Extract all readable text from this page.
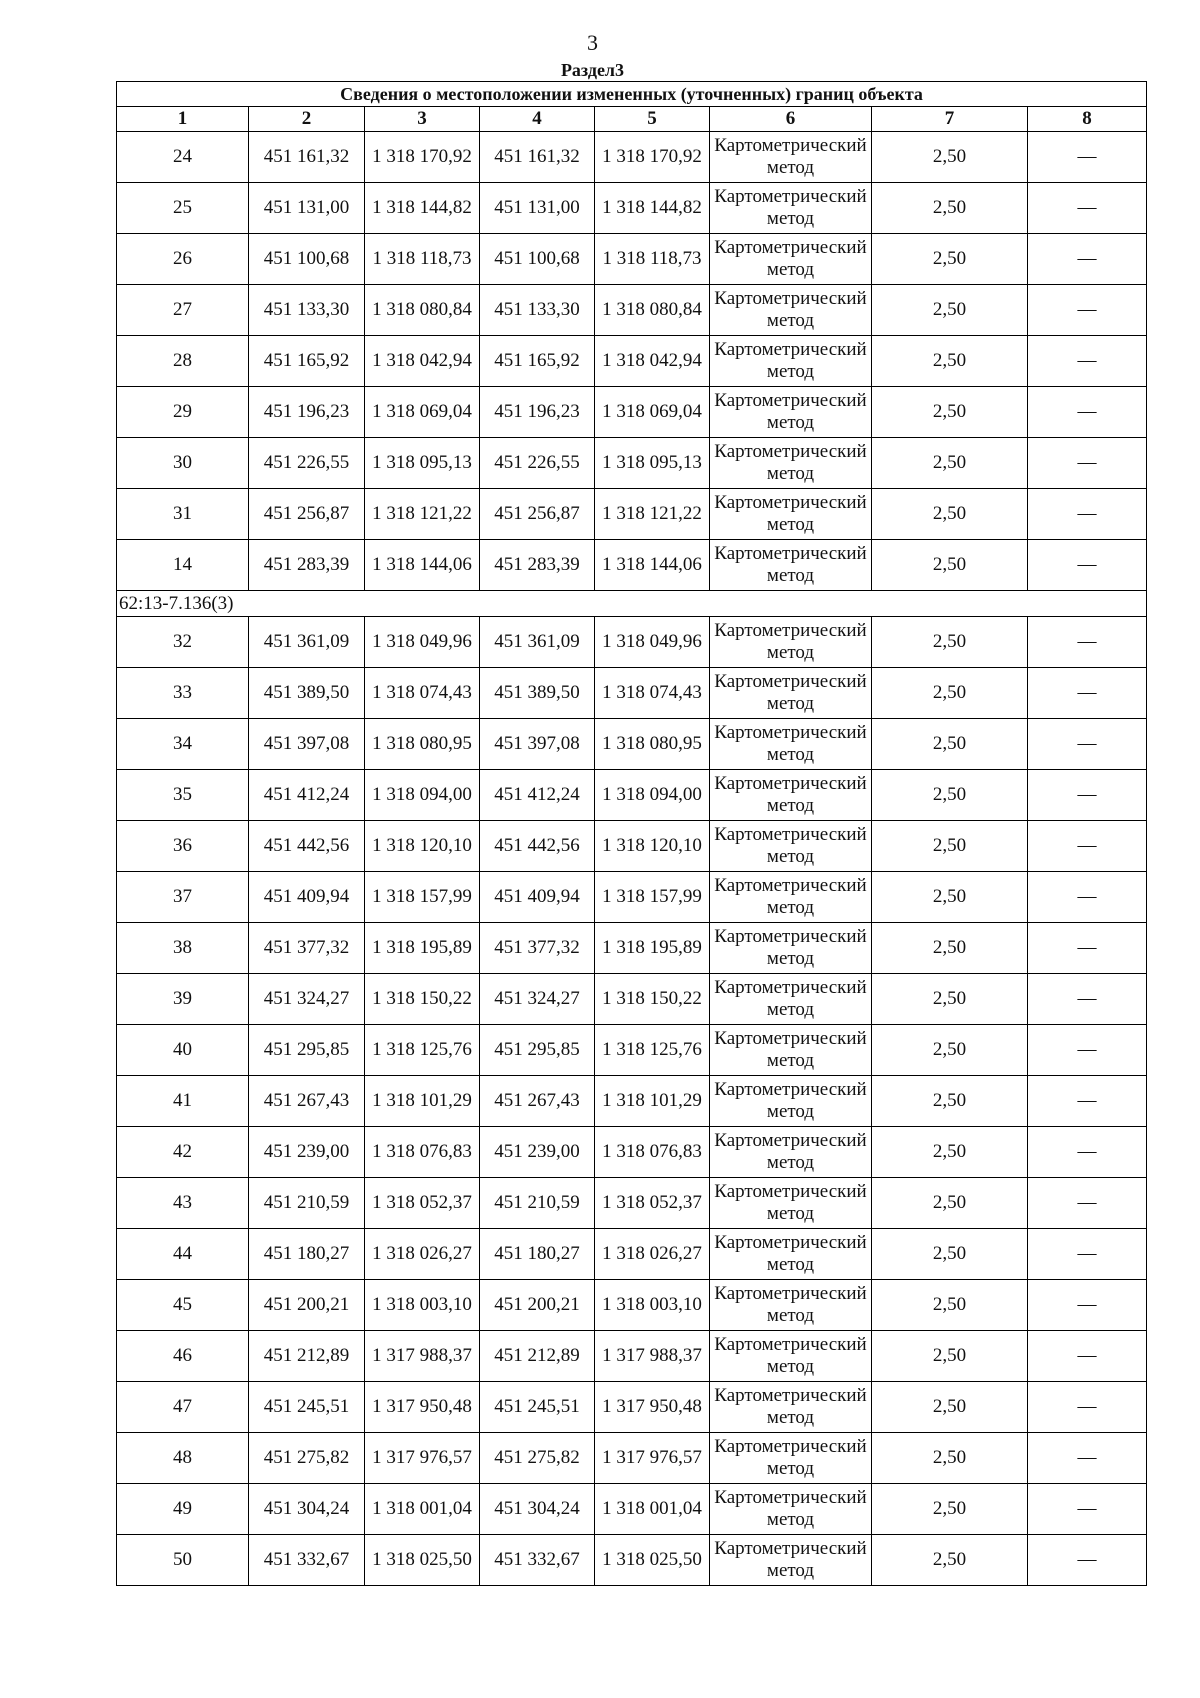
3
Раздел3
Сведения о местоположении измененных (уточненных) границ объекта							
1	2	3	4	5	6	7	8
24	451 161,32	1 318 170,92	451 161,32	1 318 170,92	Картометрический метод	2,50	—
25	451 131,00	1 318 144,82	451 131,00	1 318 144,82	Картометрический метод	2,50	—
26	451 100,68	1 318 118,73	451 100,68	1 318 118,73	Картометрический метод	2,50	—
27	451 133,30	1 318 080,84	451 133,30	1 318 080,84	Картометрический метод	2,50	—
28	451 165,92	1 318 042,94	451 165,92	1 318 042,94	Картометрический метод	2,50	—
29	451 196,23	1 318 069,04	451 196,23	1 318 069,04	Картометрический метод	2,50	—
30	451 226,55	1 318 095,13	451 226,55	1 318 095,13	Картометрический метод	2,50	—
31	451 256,87	1 318 121,22	451 256,87	1 318 121,22	Картометрический метод	2,50	—
14	451 283,39	1 318 144,06	451 283,39	1 318 144,06	Картометрический метод	2,50	—
62:13-7.136(3)							
32	451 361,09	1 318 049,96	451 361,09	1 318 049,96	Картометрический метод	2,50	—
33	451 389,50	1 318 074,43	451 389,50	1 318 074,43	Картометрический метод	2,50	—
34	451 397,08	1 318 080,95	451 397,08	1 318 080,95	Картометрический метод	2,50	—
35	451 412,24	1 318 094,00	451 412,24	1 318 094,00	Картометрический метод	2,50	—
36	451 442,56	1 318 120,10	451 442,56	1 318 120,10	Картометрический метод	2,50	—
37	451 409,94	1 318 157,99	451 409,94	1 318 157,99	Картометрический метод	2,50	—
38	451 377,32	1 318 195,89	451 377,32	1 318 195,89	Картометрический метод	2,50	—
39	451 324,27	1 318 150,22	451 324,27	1 318 150,22	Картометрический метод	2,50	—
40	451 295,85	1 318 125,76	451 295,85	1 318 125,76	Картометрический метод	2,50	—
41	451 267,43	1 318 101,29	451 267,43	1 318 101,29	Картометрический метод	2,50	—
42	451 239,00	1 318 076,83	451 239,00	1 318 076,83	Картометрический метод	2,50	—
43	451 210,59	1 318 052,37	451 210,59	1 318 052,37	Картометрический метод	2,50	—
44	451 180,27	1 318 026,27	451 180,27	1 318 026,27	Картометрический метод	2,50	—
45	451 200,21	1 318 003,10	451 200,21	1 318 003,10	Картометрический метод	2,50	—
46	451 212,89	1 317 988,37	451 212,89	1 317 988,37	Картометрический метод	2,50	—
47	451 245,51	1 317 950,48	451 245,51	1 317 950,48	Картометрический метод	2,50	—
48	451 275,82	1 317 976,57	451 275,82	1 317 976,57	Картометрический метод	2,50	—
49	451 304,24	1 318 001,04	451 304,24	1 318 001,04	Картометрический метод	2,50	—
50	451 332,67	1 318 025,50	451 332,67	1 318 025,50	Картометрический метод	2,50	—
